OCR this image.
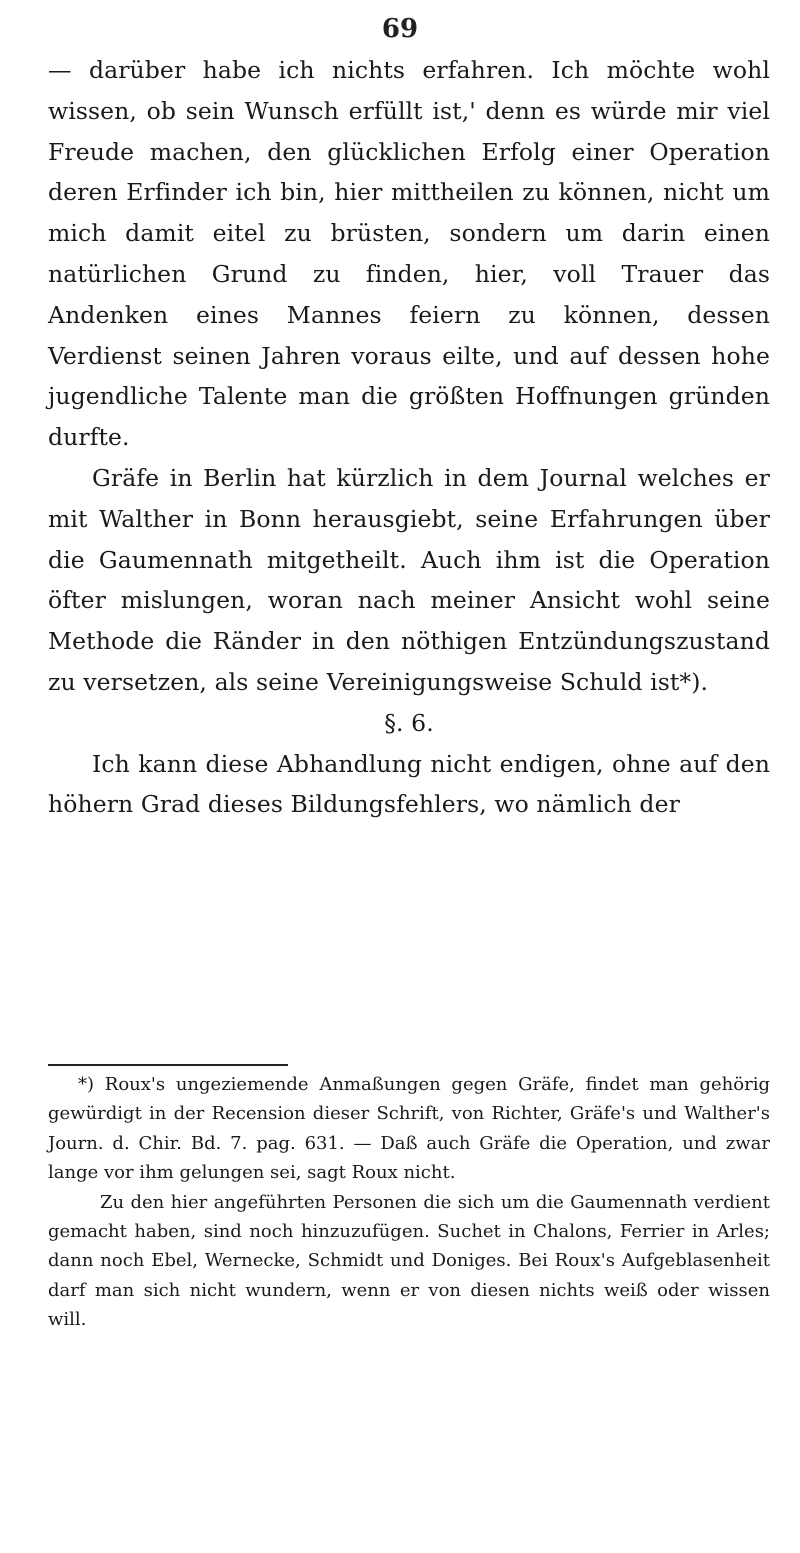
69

— darüber habe ich nichts erfahren. Ich möchte wohl wissen, ob sein Wunsch erfüllt ist,' denn es würde mir viel Freude machen, den glücklichen Erfolg einer Operation deren Erfinder ich bin, hier mittheilen zu können, nicht um mich damit eitel zu brüsten, sondern um darin einen natürlichen Grund zu finden, hier, voll Trauer das Andenken eines Mannes feiern zu können, dessen Verdienst seinen Jahren voraus eilte, und auf dessen hohe jugendliche Talente man die größten Hoffnungen gründen durfte.

Gräfe in Berlin hat kürzlich in dem Journal welches er mit Walther in Bonn herausgiebt, seine Erfahrungen über die Gaumennath mitgetheilt. Auch ihm ist die Operation öfter mislungen, woran nach meiner Ansicht wohl seine Methode die Ränder in den nöthigen Entzündungszustand zu versetzen, als seine Vereinigungsweise Schuld ist*).

§. 6.

Ich kann diese Abhandlung nicht endigen, ohne auf den höhern Grad dieses Bildungsfehlers, wo nämlich der

*) Roux's ungeziemende Anmaßungen gegen Gräfe, findet man gehörig gewürdigt in der Recension dieser Schrift, von Richter, Gräfe's und Walther's Journ. d. Chir. Bd. 7. pag. 631. — Daß auch Gräfe die Operation, und zwar lange vor ihm gelungen sei, sagt Roux nicht.

Zu den hier angeführten Personen die sich um die Gaumennath verdient gemacht haben, sind noch hinzuzufügen. Suchet in Chalons, Ferrier in Arles; dann noch Ebel, Wernecke, Schmidt und Doniges. Bei Roux's Aufgeblasenheit darf man sich nicht wundern, wenn er von diesen nichts weiß oder wissen will.
